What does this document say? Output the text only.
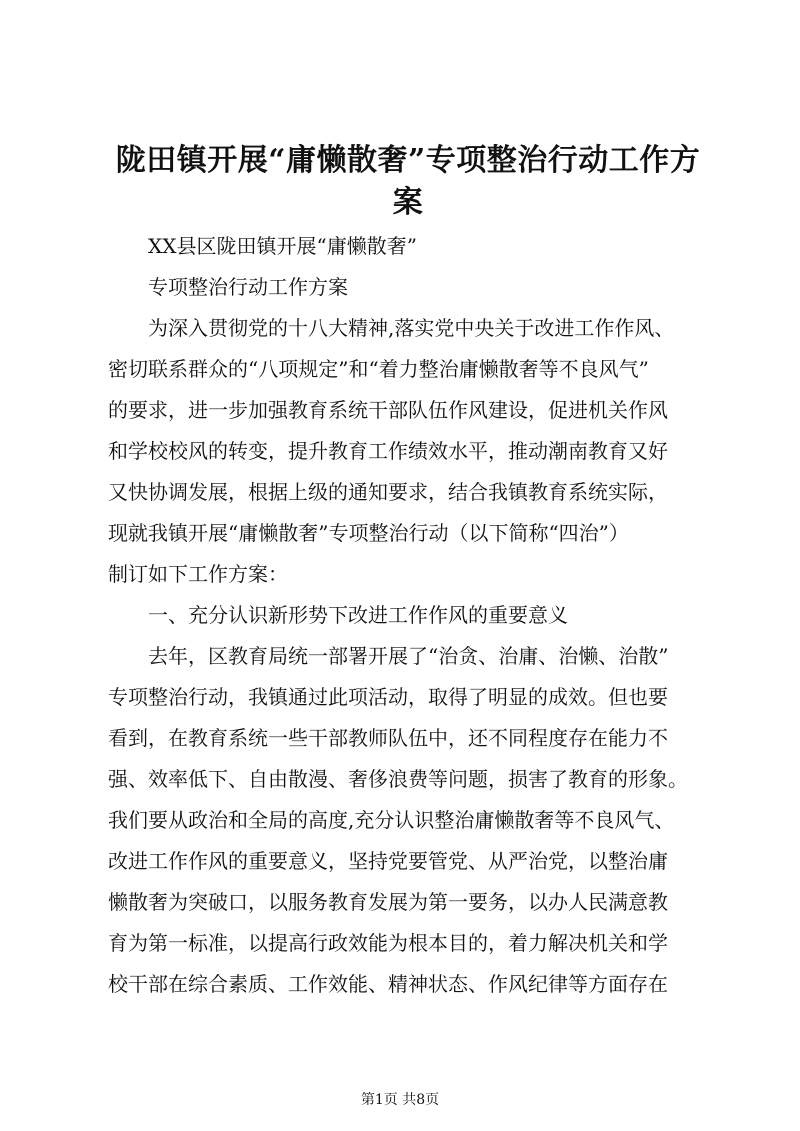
陇田镇开展“庸懒散奢”专项整治行动工作方
案
XX县区陇田镇开展“庸懒散奢”
专项整治行动工作方案
为深入贯彻党的十八大精神,落实党中央关于改进工作作风、
密切联系群众的“八项规定”和“着力整治庸懒散奢等不良风气”
的要求，进一步加强教育系统干部队伍作风建设，促进机关作风
和学校校风的转变，提升教育工作绩效水平，推动潮南教育又好
又快协调发展，根据上级的通知要求，结合我镇教育系统实际，
现就我镇开展“庸懒散奢”专项整治行动（以下简称“四治”）
制订如下工作方案：
一、充分认识新形势下改进工作作风的重要意义
去年，区教育局统一部署开展了“治贪、治庸、治懒、治散”
专项整治行动，我镇通过此项活动，取得了明显的成效。但也要
看到，在教育系统一些干部教师队伍中，还不同程度存在能力不
强、效率低下、自由散漫、奢侈浪费等问题，损害了教育的形象。
我们要从政治和全局的高度,充分认识整治庸懒散奢等不良风气、
改进工作作风的重要意义，坚持党要管党、从严治党，以整治庸
懒散奢为突破口，以服务教育发展为第一要务，以办人民满意教
育为第一标准，以提高行政效能为根本目的，着力解决机关和学
校干部在综合素质、工作效能、精神状态、作风纪律等方面存在
第1页 共8页
